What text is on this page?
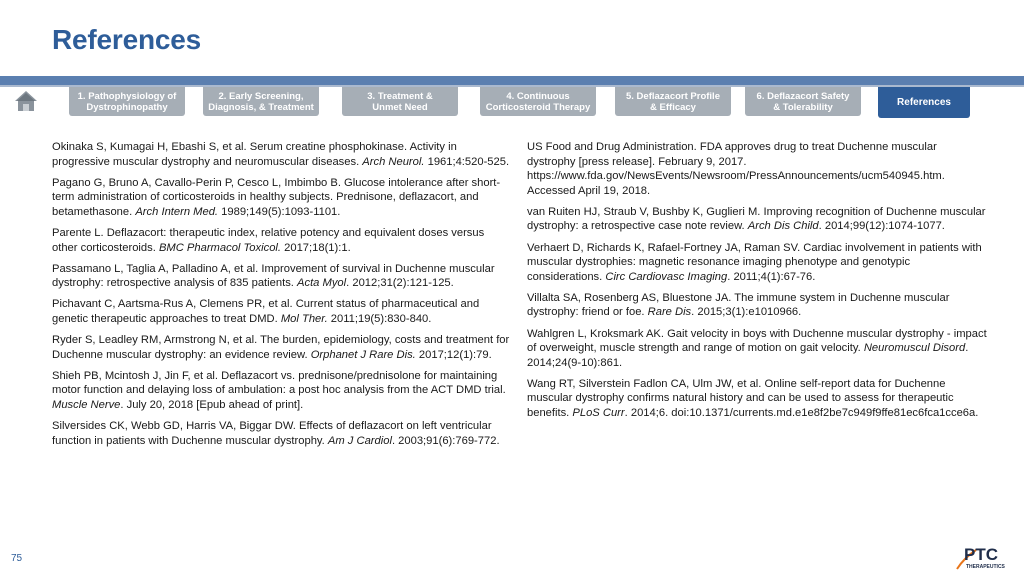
References
1. Pathophysiology of
Dystrophinopathy
2. Early Screening,
Diagnosis, & Treatment
3. Treatment &
Unmet Need
4. Continuous
Corticosteroid Therapy
5. Deflazacort Profile
& Efficacy
6. Deflazacort Safety
& Tolerability	References

Okinaka S, Kumagai H, Ebashi S, et al. Serum creatine phosphokinase. Activity in progressive muscular dystrophy and neuromuscular diseases. Arch Neurol. 1961;4:520-525.

Pagano G, Bruno A, Cavallo-Perin P, Cesco L, Imbimbo B. Glucose intolerance after short-term administration of corticosteroids in healthy subjects. Prednisone, deflazacort, and betamethasone. Arch Intern Med. 1989;149(5):1093-1101.

Parente L. Deflazacort: therapeutic index, relative potency and equivalent doses versus other corticosteroids. BMC Pharmacol Toxicol. 2017;18(1):1.

Passamano L, Taglia A, Palladino A, et al. Improvement of survival in Duchenne muscular dystrophy: retrospective analysis of 835 patients. Acta Myol. 2012;31(2):121-125.

Pichavant C, Aartsma-Rus A, Clemens PR, et al. Current status of pharmaceutical and genetic therapeutic approaches to treat DMD. Mol Ther. 2011;19(5):830-840.

Ryder S, Leadley RM, Armstrong N, et al. The burden, epidemiology, costs and treatment for Duchenne muscular dystrophy: an evidence review. Orphanet J Rare Dis. 2017;12(1):79.

Shieh PB, Mcintosh J, Jin F, et al. Deflazacort vs. prednisone/prednisolone for maintaining motor function and delaying loss of ambulation: a post hoc analysis from the ACT DMD trial. Muscle Nerve. July 20, 2018 [Epub ahead of print].

Silversides CK, Webb GD, Harris VA, Biggar DW. Effects of deflazacort on left ventricular function in patients with Duchenne muscular dystrophy. Am J Cardiol. 2003;91(6):769-772.

US Food and Drug Administration. FDA approves drug to treat Duchenne muscular dystrophy [press release]. February 9, 2017. https://www.fda.gov/NewsEvents/Newsroom/PressAnnouncements/ucm540945.htm. Accessed April 19, 2018.

van Ruiten HJ, Straub V, Bushby K, Guglieri M. Improving recognition of Duchenne muscular dystrophy: a retrospective case note review. Arch Dis Child. 2014;99(12):1074-1077.

Verhaert D, Richards K, Rafael-Fortney JA, Raman SV. Cardiac involvement in patients with muscular dystrophies: magnetic resonance imaging phenotype and genotypic considerations. Circ Cardiovasc Imaging. 2011;4(1):67-76.

Villalta SA, Rosenberg AS, Bluestone JA. The immune system in Duchenne muscular dystrophy: friend or foe. Rare Dis. 2015;3(1):e1010966.

Wahlgren L, Kroksmark AK. Gait velocity in boys with Duchenne muscular dystrophy - impact of overweight, muscle strength and range of motion on gait velocity. Neuromuscul Disord. 2014;24(9-10):861.

Wang RT, Silverstein Fadlon CA, Ulm JW, et al. Online self-report data for Duchenne muscular dystrophy confirms natural history and can be used to assess for therapeutic benefits. PLoS Curr. 2014;6. doi:10.1371/currents.md.e1e8f2be7c949f9ffe81ec6fca1cce6a.

75	PTC
THERAPEUTICS
